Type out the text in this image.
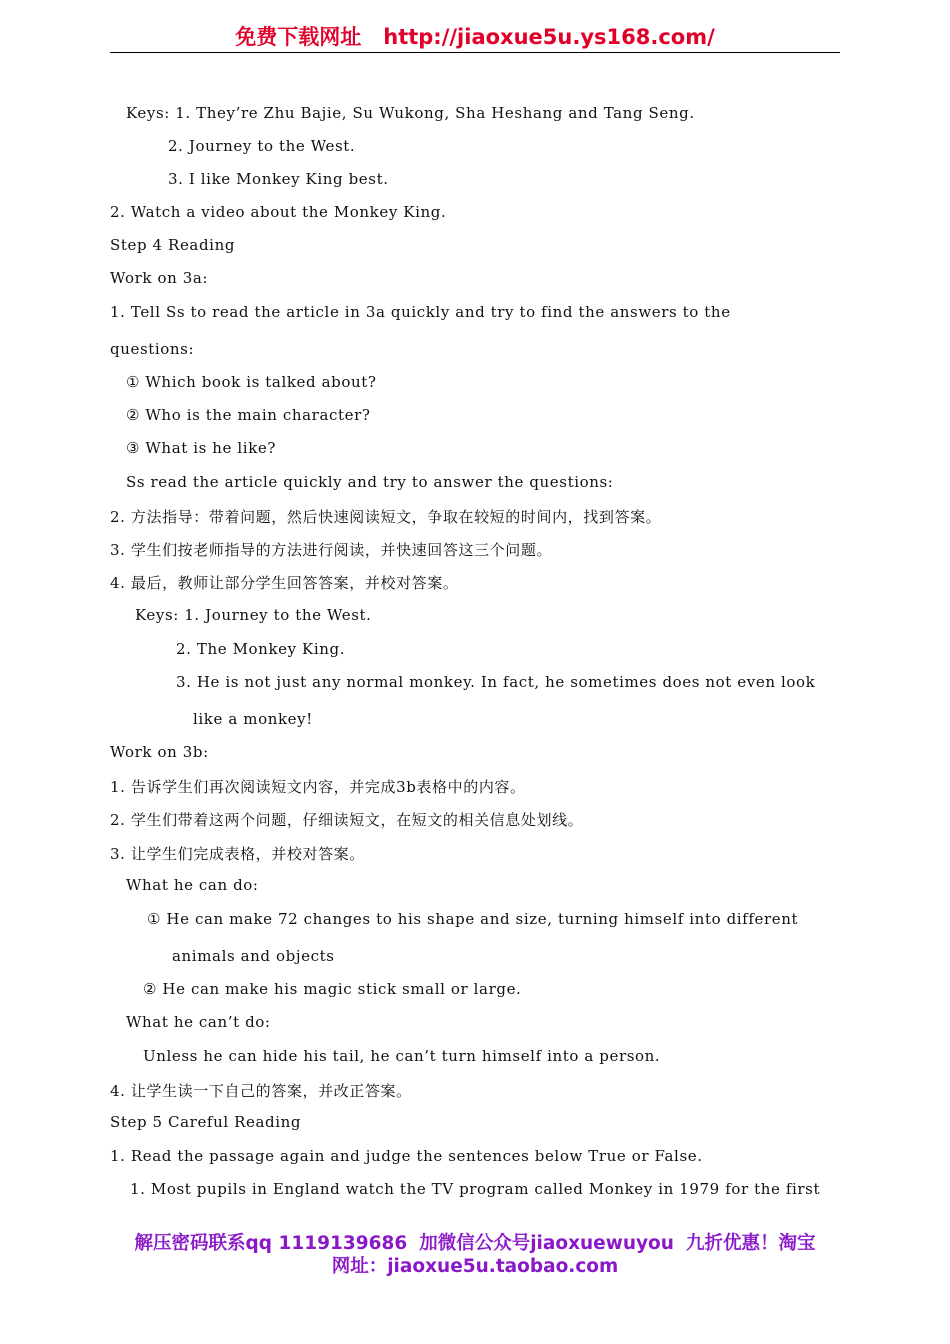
免费下载网址 http://jiaoxue5u.ys168.com/
Keys: 1. They’re Zhu Bajie, Su Wukong, Sha Heshang and Tang Seng.
2. Journey to the West.
3. I like Monkey King best.
2. Watch a video about the Monkey King.
Step 4 Reading
Work on 3a:
1. Tell Ss to read the article in 3a quickly and try to find the answers to the
questions:
① Which book is talked about?
② Who is the main character?
③ What is he like?
Ss read the article quickly and try to answer the questions:
2. 方法指导：带着问题，然后快速阅读短文，争取在较短的时间内，找到答案。
3. 学生们按老师指导的方法进行阅读，并快速回答这三个问题。
4. 最后，教师让部分学生回答答案，并校对答案。
Keys: 1. Journey to the West.
2. The Monkey King.
3. He is not just any normal monkey. In fact, he sometimes does not even look
like a monkey!
Work on 3b:
1. 告诉学生们再次阅读短文内容，并完成3b表格中的内容。
2. 学生们带着这两个问题，仔细读短文，在短文的相关信息处划线。
3. 让学生们完成表格，并校对答案。
What he can do:
① He can make 72 changes to his shape and size, turning himself into different
animals and objects
② He can make his magic stick small or large.
What he can’t do:
Unless he can hide his tail, he can’t turn himself into a person.
4. 让学生读一下自己的答案，并改正答案。
Step 5 Careful Reading
1. Read the passage again and judge the sentences below True or False.
1. Most pupils in England watch the TV program called Monkey in 1979 for the first
解压密码联系qq 1119139686 加微信公众号jiaoxuewuyou 九折优惠！淘宝
网址：jiaoxue5u.taobao.com
